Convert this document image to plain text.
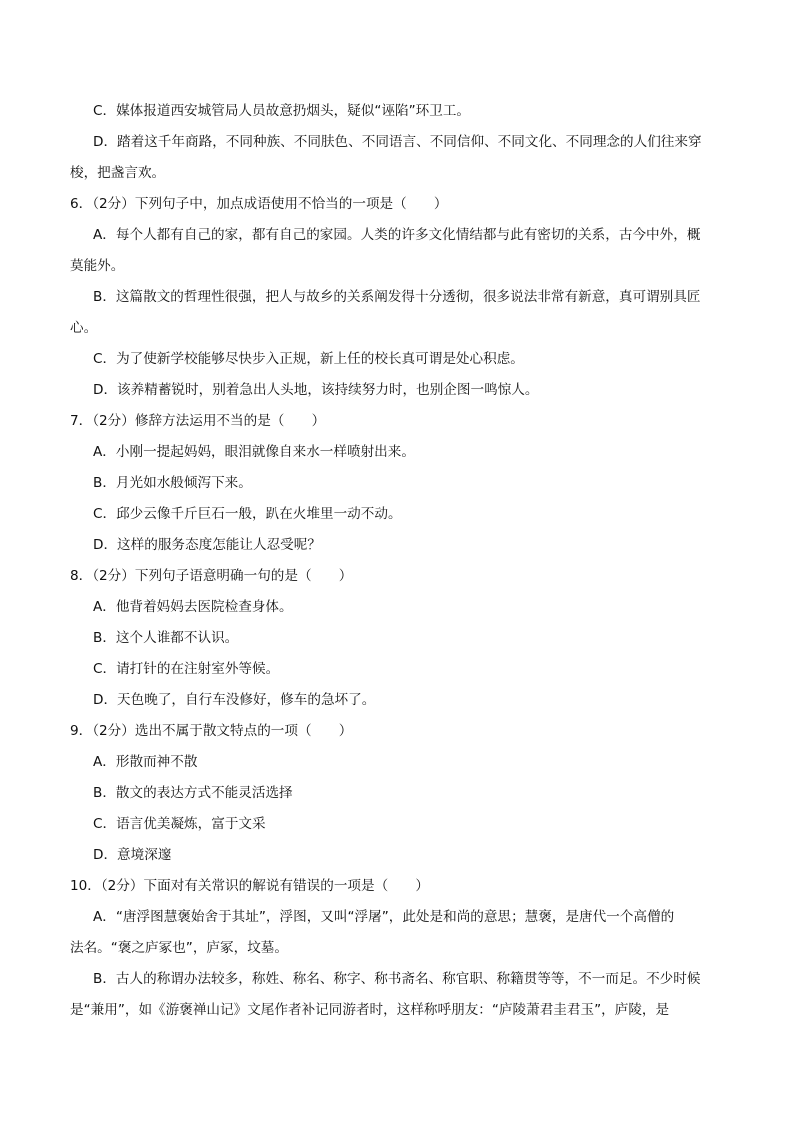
C．媒体报道西安城管局人员故意扔烟头，疑似“诬陷”环卫工。
D．踏着这千年商路，不同种族、不同肤色、不同语言、不同信仰、不同文化、不同理念的人们往来穿
梭，把盏言欢。
6．（2分）下列句子中，加点成语使用不恰当的一项是（　　）
A．每个人都有自己的家，都有自己的家园。人类的许多文化情结都与此有密切的关系，古今中外，概
莫能外。
B．这篇散文的哲理性很强，把人与故乡的关系阐发得十分透彻，很多说法非常有新意，真可谓别具匠
心。
C．为了使新学校能够尽快步入正规，新上任的校长真可谓是处心积虑。
D．该养精蓄锐时，别着急出人头地，该持续努力时，也别企图一鸣惊人。
7．（2分）修辞方法运用不当的是（　　）
A．小刚一提起妈妈，眼泪就像自来水一样喷射出来。
B．月光如水般倾泻下来。
C．邱少云像千斤巨石一般，趴在火堆里一动不动。
D．这样的服务态度怎能让人忍受呢？
8．（2分）下列句子语意明确一句的是（　　）
A．他背着妈妈去医院检查身体。
B．这个人谁都不认识。
C．请打针的在注射室外等候。
D．天色晚了，自行车没修好，修车的急坏了。
9．（2分）选出不属于散文特点的一项（　　）
A．形散而神不散
B．散文的表达方式不能灵活选择
C．语言优美凝炼，富于文采
D．意境深邃
10．（2分）下面对有关常识的解说有错误的一项是（　　）
A．“唐浮图慧褒始舍于其址”，浮图，又叫“浮屠”，此处是和尚的意思；慧褒，是唐代一个高僧的
法名。“褒之庐冢也”，庐冢，坟墓。
B．古人的称谓办法较多，称姓、称名、称字、称书斋名、称官职、称籍贯等等，不一而足。不少时候
是“兼用”，如《游褒禅山记》文尾作者补记同游者时，这样称呼朋友：“庐陵萧君圭君玉”，庐陵，是
